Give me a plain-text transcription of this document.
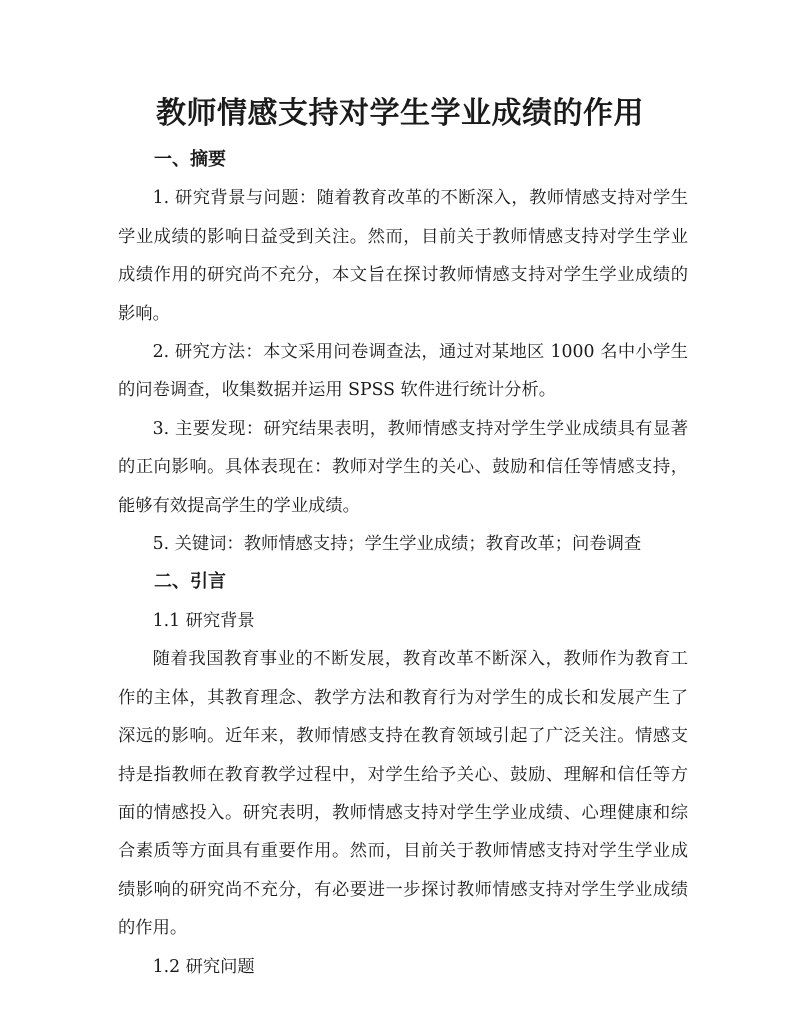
教师情感支持对学生学业成绩的作用

一、摘要

1. 研究背景与问题：随着教育改革的不断深入，教师情感支持对学生学业成绩的影响日益受到关注。然而，目前关于教师情感支持对学生学业成绩作用的研究尚不充分，本文旨在探讨教师情感支持对学生学业成绩的影响。

2. 研究方法：本文采用问卷调查法，通过对某地区 1000 名中小学生的问卷调查，收集数据并运用 SPSS 软件进行统计分析。

3. 主要发现：研究结果表明，教师情感支持对学生学业成绩具有显著的正向影响。具体表现在：教师对学生的关心、鼓励和信任等情感支持，能够有效提高学生的学业成绩。

5. 关键词：教师情感支持；学生学业成绩；教育改革；问卷调查

二、引言

1.1 研究背景

随着我国教育事业的不断发展，教育改革不断深入，教师作为教育工作的主体，其教育理念、教学方法和教育行为对学生的成长和发展产生了深远的影响。近年来，教师情感支持在教育领域引起了广泛关注。情感支持是指教师在教育教学过程中，对学生给予关心、鼓励、理解和信任等方面的情感投入。研究表明，教师情感支持对学生学业成绩、心理健康和综合素质等方面具有重要作用。然而，目前关于教师情感支持对学生学业成绩影响的研究尚不充分，有必要进一步探讨教师情感支持对学生学业成绩的作用。

1.2 研究问题
